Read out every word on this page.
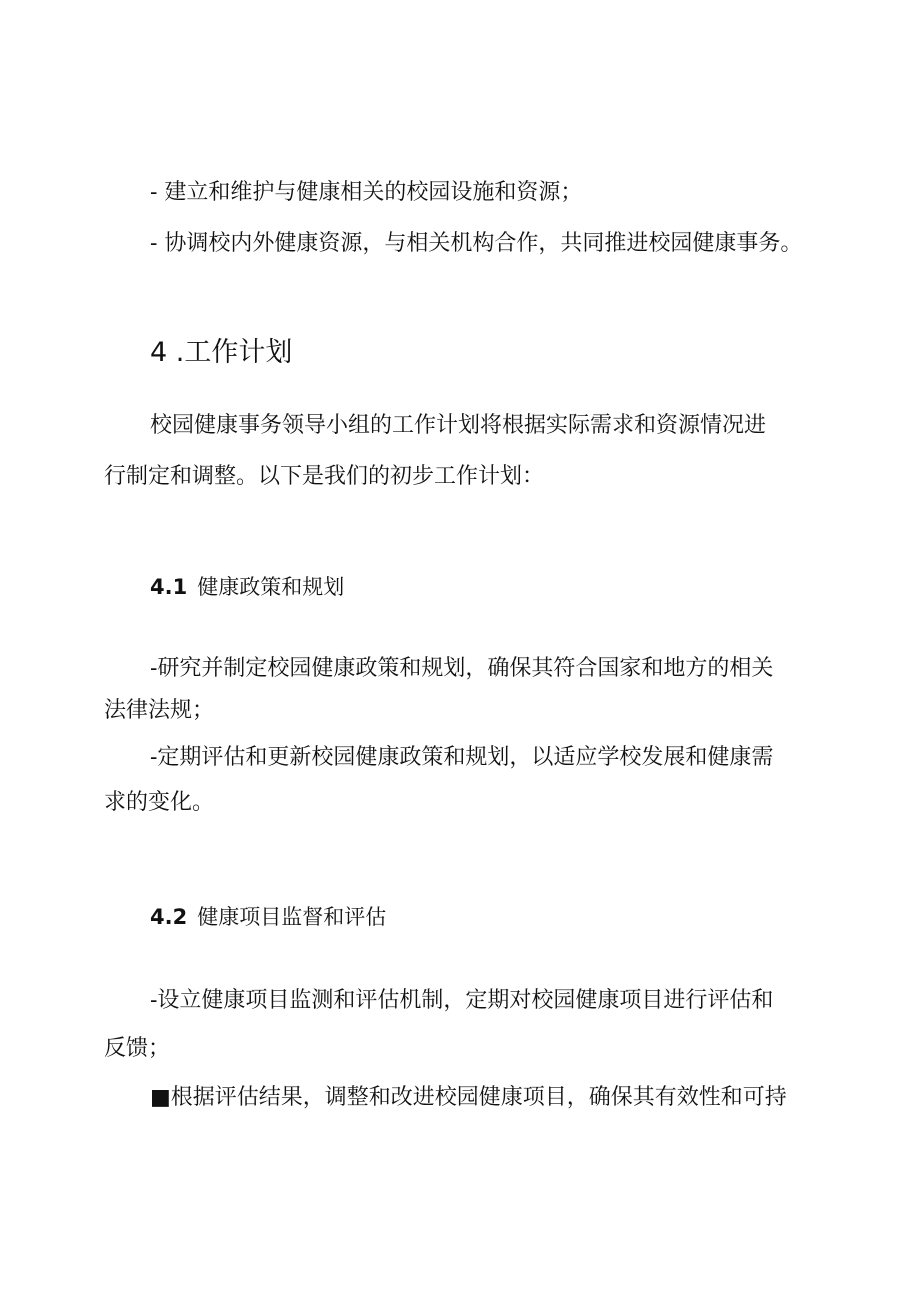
- 建立和维护与健康相关的校园设施和资源；

- 协调校内外健康资源，与相关机构合作，共同推进校园健康事务。

4 .工作计划

校园健康事务领导小组的工作计划将根据实际需求和资源情况进

行制定和调整。以下是我们的初步工作计划：

4.1 健康政策和规划

-研究并制定校园健康政策和规划，确保其符合国家和地方的相关

法律法规；

-定期评估和更新校园健康政策和规划，以适应学校发展和健康需

求的变化。

4.2 健康项目监督和评估

-设立健康项目监测和评估机制，定期对校园健康项目进行评估和

反馈；

■根据评估结果，调整和改进校园健康项目，确保其有效性和可持
